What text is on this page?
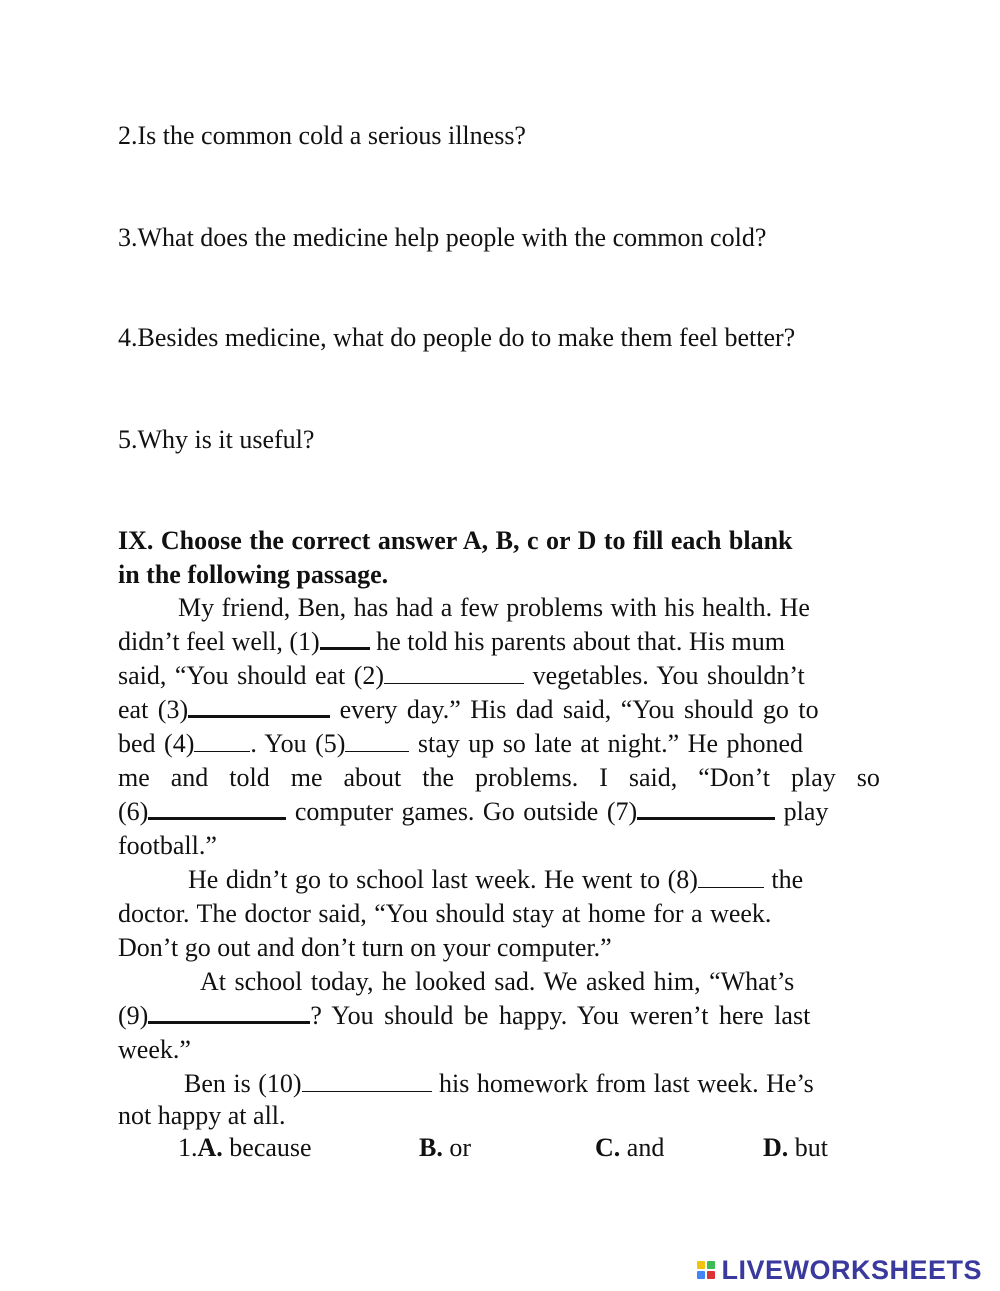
2.Is the common cold a serious illness?
3.What does the medicine help people with the common cold?
4.Besides medicine, what do people do to make them feel better?
5.Why is it useful?
IX. Choose the correct answer A, B, c or D to fill each blank
in the following passage.
My friend, Ben, has had a few problems with his health. He
didn’t feel well, (1) he told his parents about that. His mum
said, “You should eat (2)	vegetables. You shouldn’t
eat (3)	every day.” His dad said, “You should go to
bed (4) . You (5) stay up so late at night.” He phoned
me and told me about the problems. I said, “Don’t play so
(6)	computer games. Go outside (7)	play
football.”
He didn’t go to school last week. He went to (8)	the
doctor. The doctor said, “You should stay at home for a week.
Don’t go out and don’t turn on your computer.”
At school today, he looked sad. We asked him, “What’s
(9)	? You should be happy. You weren’t here last
week.”
Ben is (10)	his homework from last week. He’s
not happy at all.
1.A. because	B. or	C. and	D. but
LIVEWORKSHEETS
